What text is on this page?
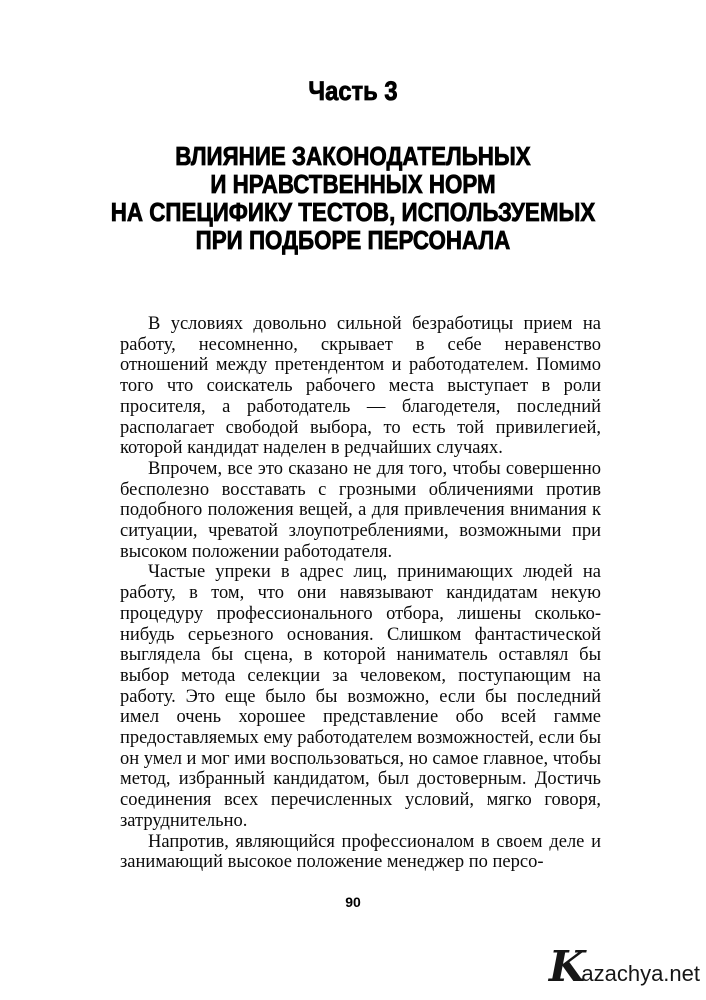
Часть 3
ВЛИЯНИЕ ЗАКОНОДАТЕЛЬНЫХ
И НРАВСТВЕННЫХ НОРМ
НА СПЕЦИФИКУ ТЕСТОВ, ИСПОЛЬЗУЕМЫХ
ПРИ ПОДБОРЕ ПЕРСОНАЛА

В условиях довольно сильной безработицы прием на работу, несомненно, скрывает в себе неравенство отношений между претендентом и работодателем. Помимо того что соискатель рабочего места выступает в роли просителя, а работодатель — благодетеля, последний располагает свободой выбора, то есть той привилегией, которой кандидат наделен в редчайших случаях.

Впрочем, все это сказано не для того, чтобы совершенно бесполезно восставать с грозными обличениями против подобного положения вещей, а для привлечения внимания к ситуации, чреватой злоупотреблениями, возможными при высоком положении работодателя.

Частые упреки в адрес лиц, принимающих людей на работу, в том, что они навязывают кандидатам некую процедуру профессионального отбора, лишены сколько-нибудь серьезного основания. Слишком фантастической выглядела бы сцена, в которой наниматель оставлял бы выбор метода селекции за человеком, поступающим на работу. Это еще было бы возможно, если бы последний имел очень хорошее представление обо всей гамме предоставляемых ему работодателем возможностей, если бы он умел и мог ими воспользоваться, но самое главное, чтобы метод, избранный кандидатом, был достоверным. Достичь соединения всех перечисленных условий, мягко говоря, затруднительно.

Напротив, являющийся профессионалом в своем деле и занимающий высокое положение менеджер по персо-

90
K
azachya.net
